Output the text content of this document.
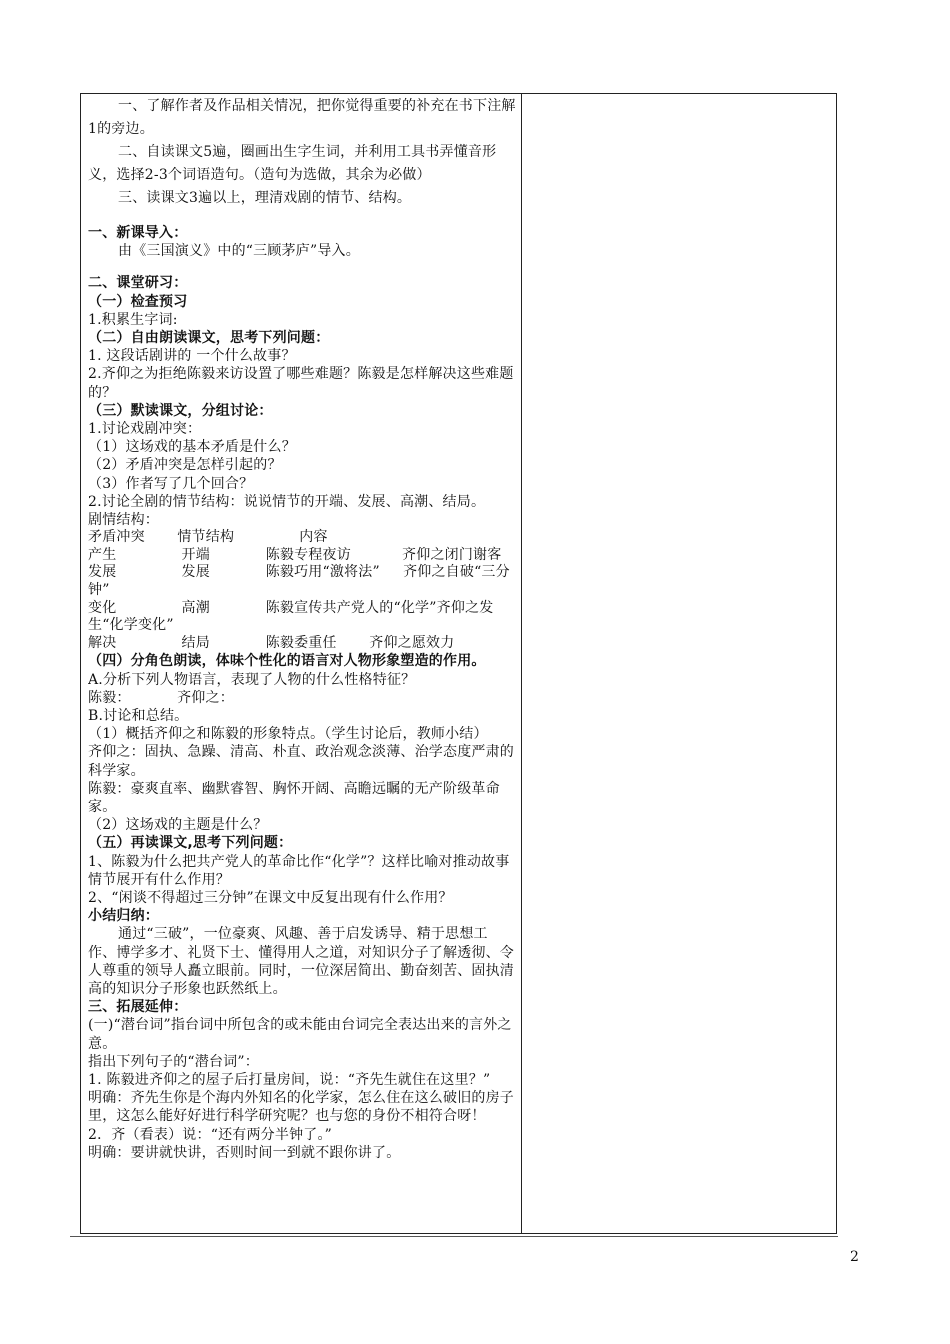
一、了解作者及作品相关情况，把你觉得重要的补充在书下注解1的旁边。

二、自读课文5遍，圈画出生字生词，并利用工具书弄懂音形义，选择2-3个词语造句。（造句为选做，其余为必做）

三、读课文3遍以上，理清戏剧的情节、结构。

一、新课导入：

由《三国演义》中的“三顾茅庐”导入。

二、课堂研习：

（一）检查预习

1.积累生字词:

（二）自由朗读课文，思考下列问题：

1. 这段话剧讲的 一个什么故事？

2.齐仰之为拒绝陈毅来访设置了哪些难题？陈毅是怎样解决这些难题的？

（三）默读课文，分组讨论：

1.讨论戏剧冲突：

（1）这场戏的基本矛盾是什么？

（2）矛盾冲突是怎样引起的？

（3）作者写了几个回合？

2.讨论全剧的情节结构：说说情节的开端、发展、高潮、结局。

剧情结构：

矛盾冲突       情节结构              内容

产生              开端            陈毅专程夜访           齐仰之闭门谢客

发展              发展            陈毅巧用“激将法”     齐仰之自破“三分钟”

变化              高潮            陈毅宣传共产党人的“化学”齐仰之发生“化学变化”

解决              结局            陈毅委重任       齐仰之愿效力

（四）分角色朗读，体味个性化的语言对人物形象塑造的作用。

A.分析下列人物语言，表现了人物的什么性格特征？

陈毅：          齐仰之：

B.讨论和总结。

（1）概括齐仰之和陈毅的形象特点。（学生讨论后，教师小结）

齐仰之：固执、急躁、清高、朴直、政治观念淡薄、治学态度严肃的科学家。

陈毅：豪爽直率、幽默睿智、胸怀开阔、高瞻远瞩的无产阶级革命家。

（2）这场戏的主题是什么？

（五）再读课文,思考下列问题：

1、陈毅为什么把共产党人的革命比作“化学”？这样比喻对推动故事情节展开有什么作用？

2、“闲谈不得超过三分钟”在课文中反复出现有什么作用？

小结归纳：

通过“三破”，一位豪爽、风趣、善于启发诱导、精于思想工作、博学多才、礼贤下士、懂得用人之道，对知识分子了解透彻、令人尊重的领导人矗立眼前。同时，一位深居简出、勤奋刻苦、固执清高的知识分子形象也跃然纸上。

三、拓展延伸：

(一)“潜台词”指台词中所包含的或未能由台词完全表达出来的言外之意。

指出下列句子的“潜台词”：

1. 陈毅进齐仰之的屋子后打量房间，说：“齐先生就住在这里？”

明确：齐先生你是个海内外知名的化学家，怎么住在这么破旧的房子里，这怎么能好好进行科学研究呢？也与您的身份不相符合呀！

2．齐（看表）说：“还有两分半钟了。”

明确：要讲就快讲，否则时间一到就不跟你讲了。

2
